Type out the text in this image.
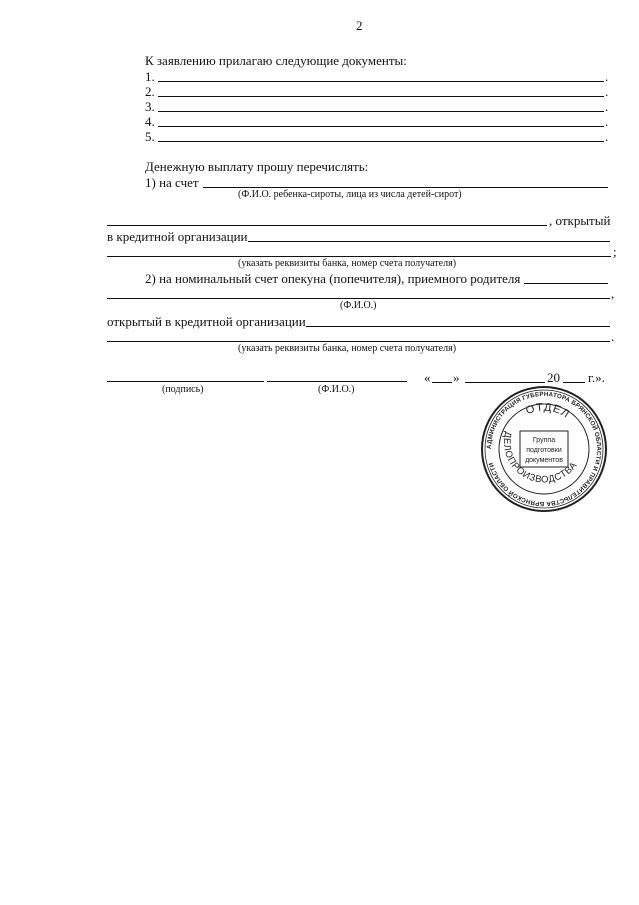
2
К заявлению прилагаю следующие документы:
1.	.
2.	.
3.	.
4.	.
5.	.
Денежную выплату прошу перечислять:
1) на счет
(Ф.И.О. ребенка-сироты, лица из числа детей-сирот)
, открытый
в кредитной организации
;
(указать реквизиты банка, номер счета получателя)
2) на номинальный счет опекуна (попечителя), приемного родителя
,
(Ф.И.О.)
открытый в кредитной организации
.
(указать реквизиты банка, номер счета получателя)
(подпись)	(Ф.И.О.)
« »	20 г.».
АДМИНИСТРАЦИЯ ГУБЕРНАТОРА БРЯНСКОЙ ОБЛАСТИ И ПРАВИТЕЛЬСТВА БРЯНСКОЙ ОБЛАСТИ
ОТДЕЛ
ДЕЛОПРОИЗВОДСТВА
Группа
подготовки
документов
